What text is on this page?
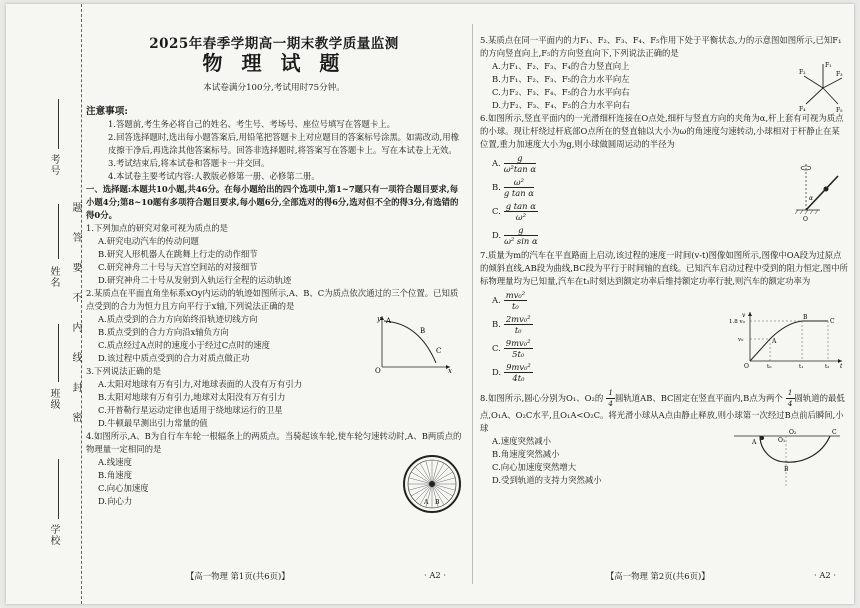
考号
姓名
班级
学校
题
答
要
不
内
线
封
密
2025年春季学期高一期末教学质量监测
物 理 试 题
本试卷满分100分,考试用时75分钟。
注意事项:

1.答题前,考生务必将自己的姓名、考生号、考场号、座位号填写在答题卡上。

2.回答选择题时,选出每小题答案后,用铅笔把答题卡上对应题目的答案标号涂黑。如需改动,用橡皮擦干净后,再选涂其他答案标号。回答非选择题时,将答案写在答题卡上。写在本试卷上无效。

3.考试结束后,将本试卷和答题卡一并交回。

4.本试卷主要考试内容:人教版必修第一册、必修第二册。

一、选择题:本题共10小题,共46分。在每小题给出的四个选项中,第1~7题只有一项符合题目要求,每小题4分;第8~10题有多项符合题目要求,每小题6分,全部选对的得6分,选对但不全的得3分,有选错的得0分。

1.下列加点的研究对象可视为质点的是

A.研究电动汽车的传动问题

B.研究人形机器人在跳舞上行走的动作细节

C.研究神舟二十号与天宫空间站的对接细节

D.研究神舟二十号从发射到入轨运行全程的运动轨迹

2.某质点在平面直角坐标系xOy内运动的轨迹如图所示,A、B、C为质点依次通过的三个位置。已知质点受到的合力为恒力且方向平行于x轴,下列说法正确的是

A.质点受到的合力方向始终沿轨迹切线方向

B.质点受到的合力方向沿x轴负方向

C.质点经过A点时的速度小于经过C点时的速度

D.该过程中质点受到的合力对质点做正功

y A
B
C
O	x

3.下列说法正确的是

A.太阳对地球有万有引力,对地球表面的人没有万有引力

B.太阳对地球有万有引力,地球对太阳没有万有引力

C.开普勒行星运动定律也适用于绕地球运行的卫星

D.牛顿最早测出引力常量的值

4.如图所示,A、B为自行车车轮一根辐条上的两质点。当骑起该车轮,使车轮匀速转动时,A、B两质点的物理量一定相同的是

A.线速度

B.角速度

C.向心加速度

D.向心力	A B
【高一物理 第1页(共6页)】	· A2 ·

5.某质点在同一平面内的力F₁、F₂、F₃、F₄、F₅作用下处于平衡状态,力的示意图如图所示,已知F₁的方向竖直向上,F₅的方向竖直向下,下列说法正确的是

A.力F₁、F₂、F₃、F₄的合力竖直向上

B.力F₁、F₂、F₃、F₅的合力水平向左

C.力F₂、F₃、F₄、F₅的合力水平向右

D.力F₂、F₃、F₄、F₅的合力水平向右

F₁
F₂	F₃
F₄	F₅

6.如图所示,竖直平面内的一光滑细杆连接在O点处,细杆与竖直方向的夹角为α,杆上套有可视为质点的小球。现让杆绕过杆底部O点所在的竖直轴以大小为ω的角速度匀速转动,小球相对于杆静止在某位置,重力加速度大小为g,则小球做圆周运动的半径为

A. $\frac{g}{\text{ω²tan α}}$
B. $\frac{\text{ω²}}{\text{g tan α}}$
C. $\frac{\text{g tan α}}{\text{ω²}}$
D. $\frac{g}{\text{ω² sin α}}$
α
O

7.质量为m的汽车在平直路面上启动,该过程的速度一时间(v-t)图像如图所示,图像中OA段为过原点的倾斜直线,AB段为曲线,BC段为平行于时间轴的直线。已知汽车启动过程中受到的阻力恒定,图中所标物理量均为已知量,汽车在t₁时刻达到额定功率后维持额定功率行驶,则汽车的额定功率为

A. $\frac{\text{mv₀²}}{\text{t₀}}$
B. $\frac{\text{2mv₀²}}{\text{t₀}}$
C. $\frac{\text{9mv₀²}}{\text{5t₀}}$
D. $\frac{\text{9mv₀²}}{\text{4t₀}}$
v
t
1.8 v₀
v₀
O	t₀	t₁	t₂
A
B
C

8.如图所示,圆心分别为O₁、O₂的 $\frac{1}{4}$ 圆轨道AB、BC固定在竖直平面内,B点为两个 $\frac{1}{4}$ 圆轨道的最低点,O₁A、O₂C水平,且O₁A<O₂C。将光滑小球从A点由静止释放,则小球第一次经过B点前后瞬间,小球

A.速度突然减小

B.角速度突然减小

C.向心加速度突然增大

D.受到轨道的支持力突然减小

A	O₁
O₂	C
B
【高一物理 第2页(共6页)】	· A2 ·
